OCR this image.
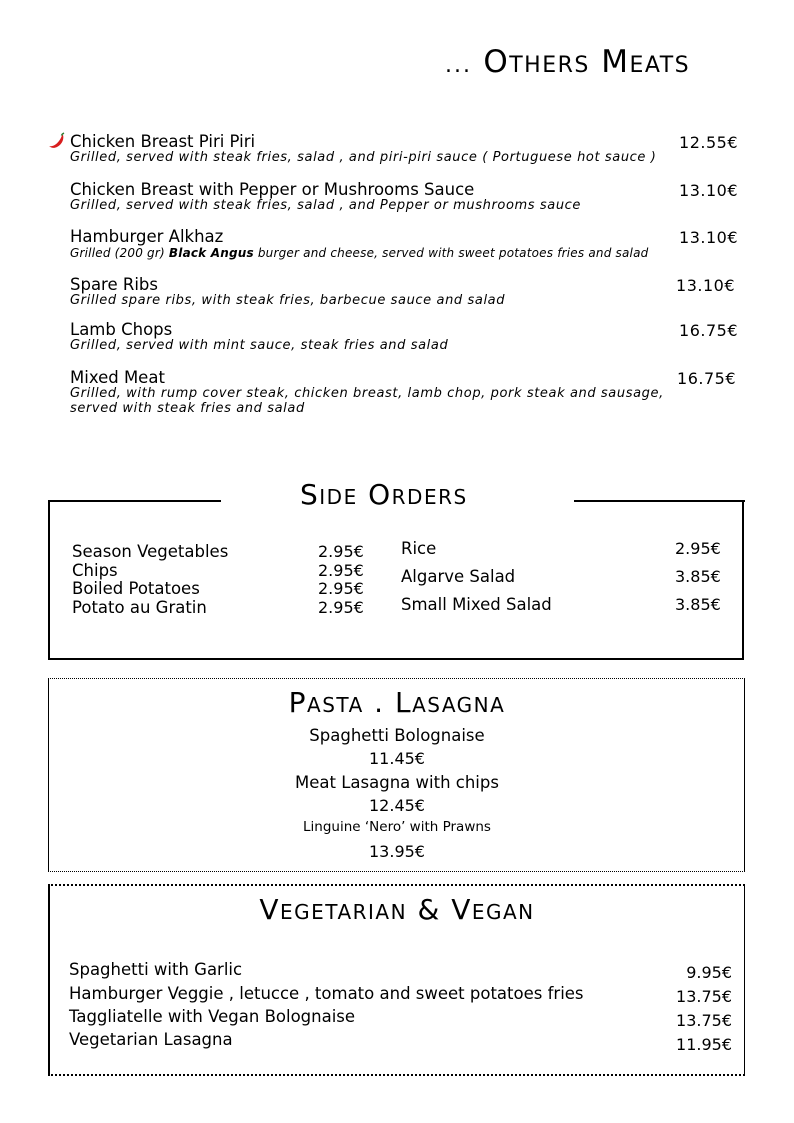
... Others Meats
Chicken Breast Piri Piri
Grilled, served with steak fries, salad , and piri-piri sauce ( Portuguese hot sauce )
12.55€
Chicken Breast with Pepper or Mushrooms Sauce
Grilled, served with steak fries, salad , and Pepper or mushrooms sauce
13.10€
Hamburger Alkhaz
Grilled (200 gr) Black Angus burger and cheese, served with sweet potatoes fries and salad
13.10€
Spare Ribs
Grilled spare ribs, with steak fries, barbecue sauce and salad
13.10€
Lamb Chops
Grilled, served with mint sauce, steak fries and salad
16.75€
Mixed Meat
Grilled, with rump cover steak, chicken breast, lamb chop, pork steak and sausage,
served with steak fries and salad
16.75€
Side Orders
Season Vegetables	2.95€
Chips	2.95€
Boiled Potatoes	2.95€
Potato au Gratin	2.95€
Rice	2.95€
Algarve Salad	3.85€
Small Mixed Salad	3.85€
Pasta . Lasagna
Spaghetti Bolognaise
11.45€
Meat Lasagna with chips
12.45€
Linguine ‘Nero’ with Prawns
13.95€
Vegetarian & Vegan
Spaghetti with Garlic	9.95€
Hamburger Veggie , letucce , tomato and sweet potatoes fries	13.75€
Taggliatelle with Vegan Bolognaise	13.75€
Vegetarian Lasagna	11.95€
